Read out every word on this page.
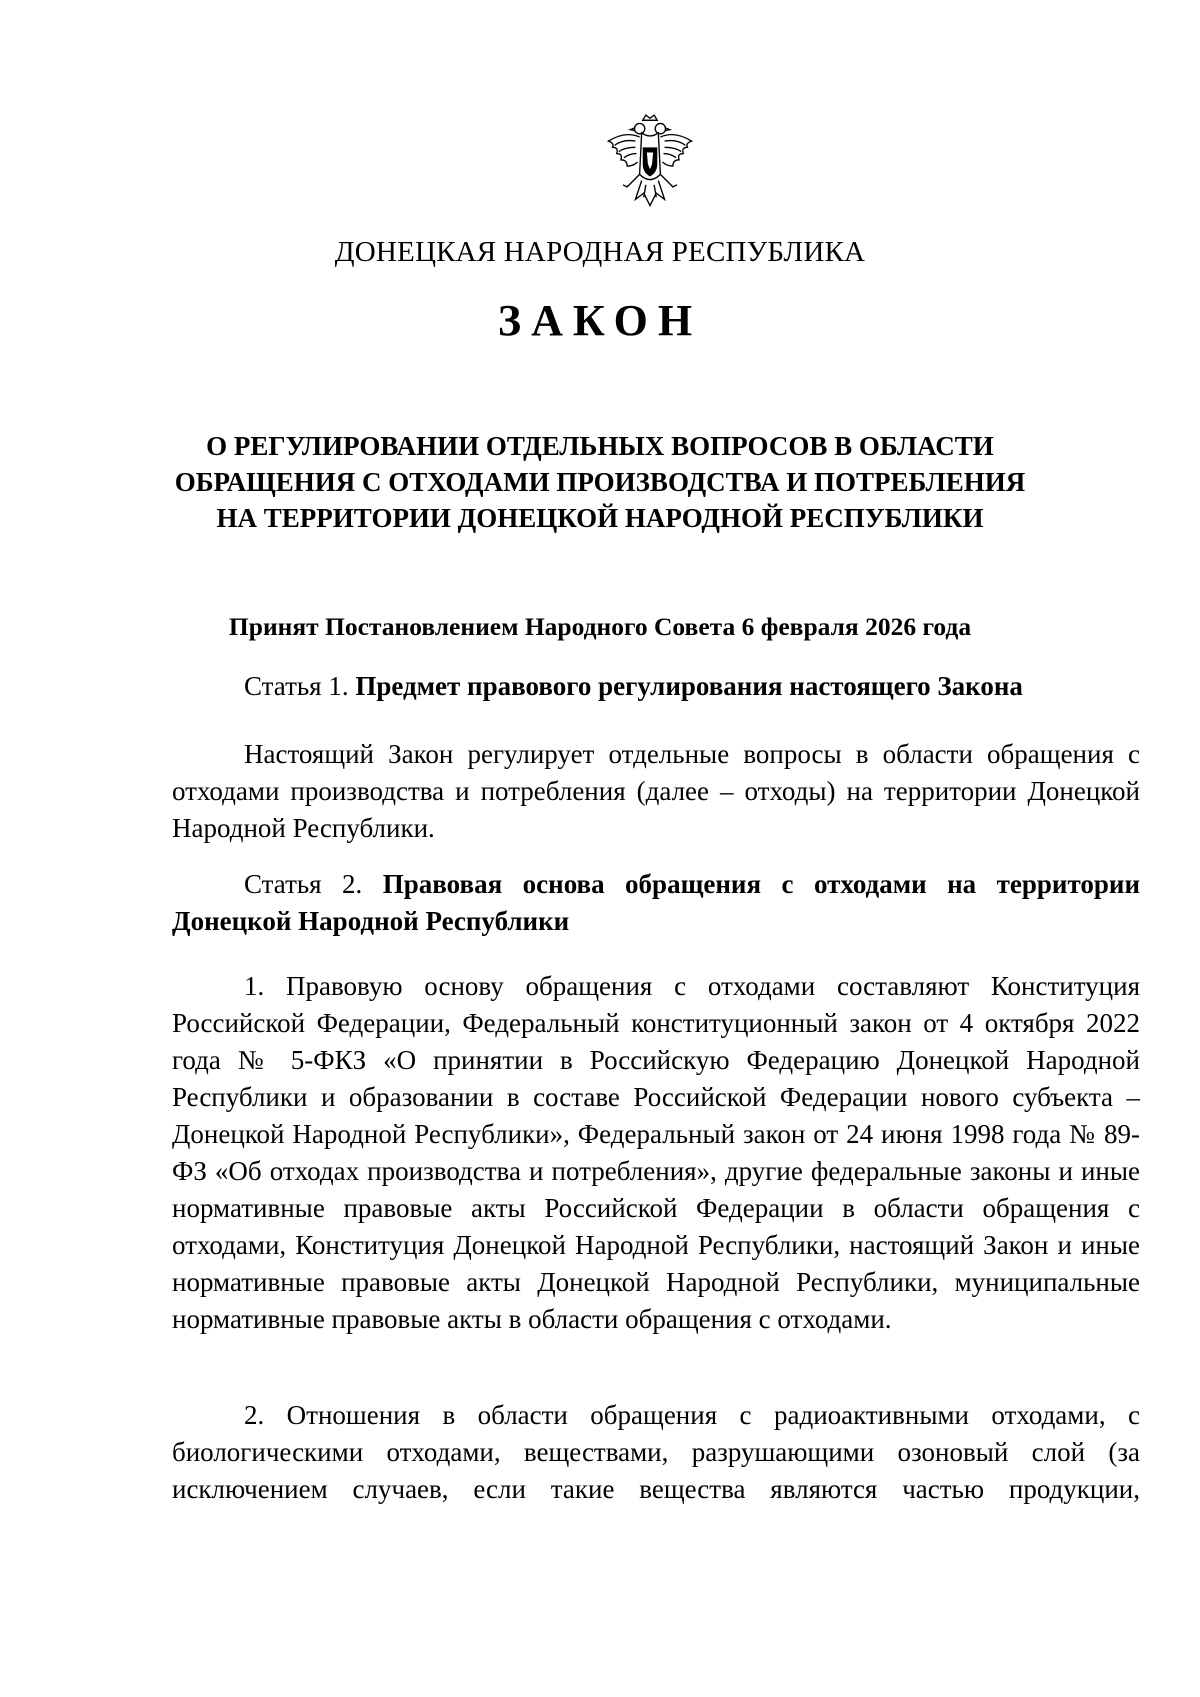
ДОНЕЦКАЯ НАРОДНАЯ РЕСПУБЛИКА
ЗАКОН
О РЕГУЛИРОВАНИИ ОТДЕЛЬНЫХ ВОПРОСОВ В ОБЛАСТИ
ОБРАЩЕНИЯ С ОТХОДАМИ ПРОИЗВОДСТВА И ПОТРЕБЛЕНИЯ
НА ТЕРРИТОРИИ ДОНЕЦКОЙ НАРОДНОЙ РЕСПУБЛИКИ
Принят Постановлением Народного Совета 6 февраля 2026 года
Статья 1. Предмет правового регулирования настоящего Закона
Настоящий Закон регулирует отдельные вопросы в области обращения с отходами производства и потребления (далее – отходы) на территории Донецкой Народной Республики.
Статья 2. Правовая основа обращения с отходами на территории Донецкой Народной Республики
1. Правовую основу обращения с отходами составляют Конституция Российской Федерации, Федеральный конституционный закон от 4 октября 2022 года № 5-ФКЗ «О принятии в Российскую Федерацию Донецкой Народной Республики и образовании в составе Российской Федерации нового субъекта – Донецкой Народной Республики», Федеральный закон от 24 июня 1998 года № 89-ФЗ «Об отходах производства и потребления», другие федеральные законы и иные нормативные правовые акты Российской Федерации в области обращения с отходами, Конституция Донецкой Народной Республики, настоящий Закон и иные нормативные правовые акты Донецкой Народной Республики, муниципальные нормативные правовые акты в области обращения с отходами.
2. Отношения в области обращения с радиоактивными отходами, с биологическими отходами, веществами, разрушающими озоновый слой (за исключением случаев, если такие вещества являются частью продукции,
